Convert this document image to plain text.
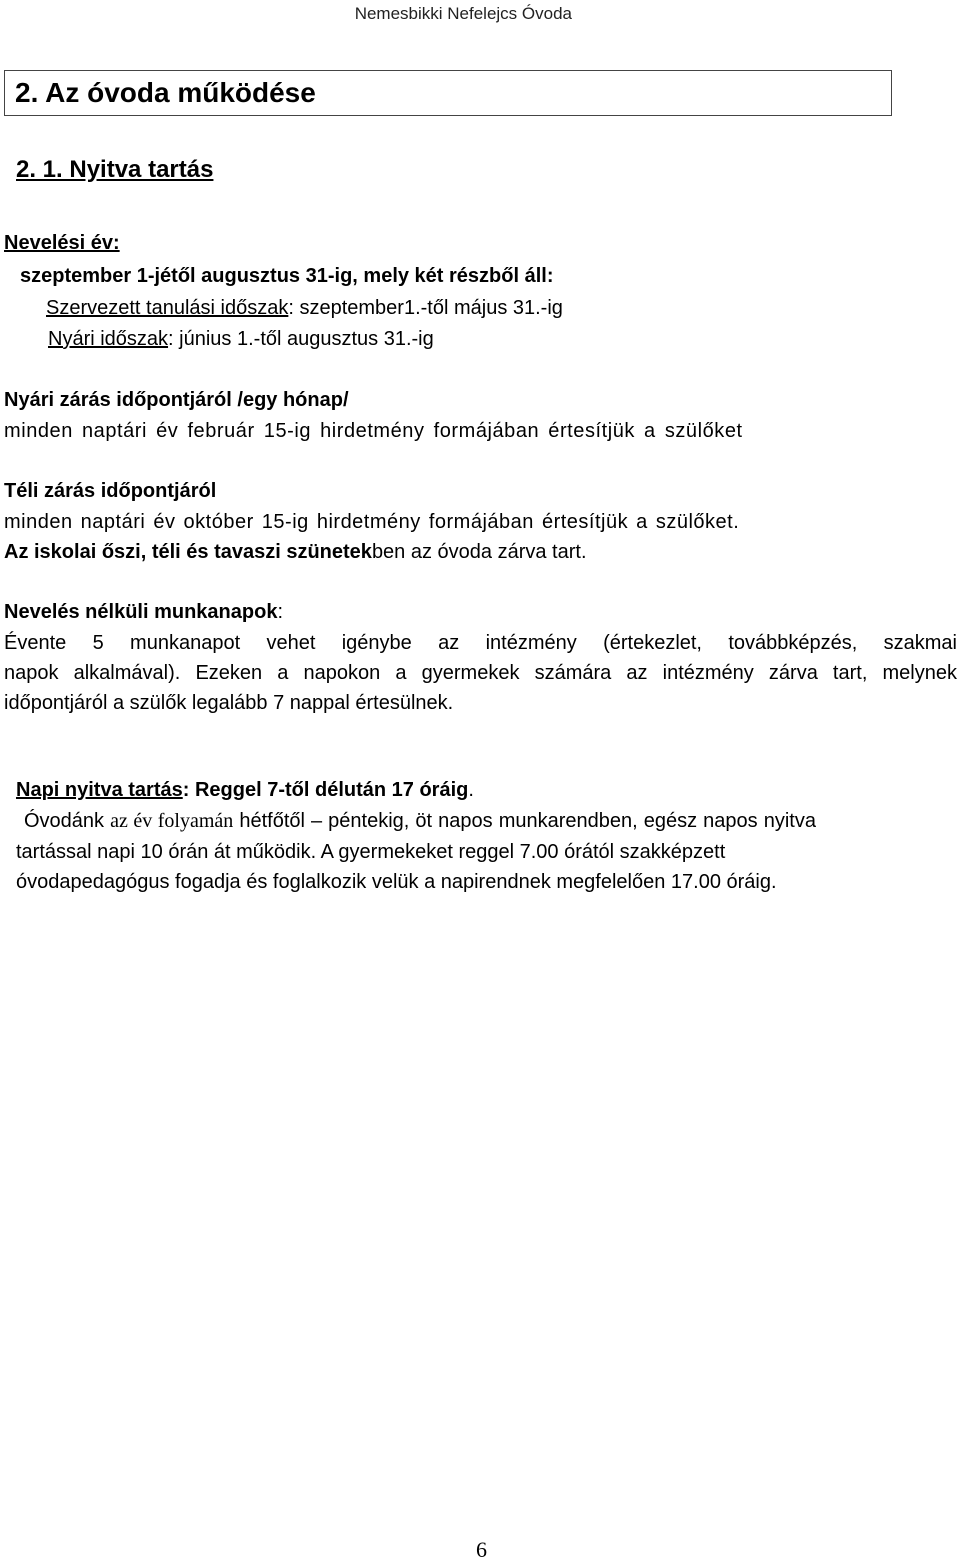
Nemesbikki Nefelejcs Óvoda
2. Az óvoda működése
2. 1. Nyitva tartás
Nevelési év:
szeptember 1-jétől augusztus 31-ig, mely két részből áll:
Szervezett tanulási időszak: szeptember1.-től május 31.-ig
Nyári időszak: június 1.-től augusztus 31.-ig
Nyári zárás időpontjáról /egy hónap/
minden naptári év február 15-ig hirdetmény formájában értesítjük a szülőket
Téli zárás időpontjáról
minden naptári év október 15-ig hirdetmény formájában értesítjük a szülőket.
Az iskolai őszi, téli és tavaszi szünetekben az óvoda zárva tart.
Nevelés nélküli munkanapok:
Évente 5 munkanapot vehet igénybe az intézmény (értekezlet, továbbképzés, szakmai
napok alkalmával). Ezeken a napokon a gyermekek számára az intézmény zárva tart, melynek
időpontjáról a szülők legalább 7 nappal értesülnek.
Napi nyitva tartás: Reggel 7-től délután 17 óráig.
Óvodánk az év folyamán hétfőtől – péntekig, öt napos munkarendben, egész napos nyitva
tartással napi 10 órán át működik. A gyermekeket reggel 7.00 órától szakképzett
óvodapedagógus fogadja és foglalkozik velük a napirendnek megfelelően 17.00 óráig.
6
